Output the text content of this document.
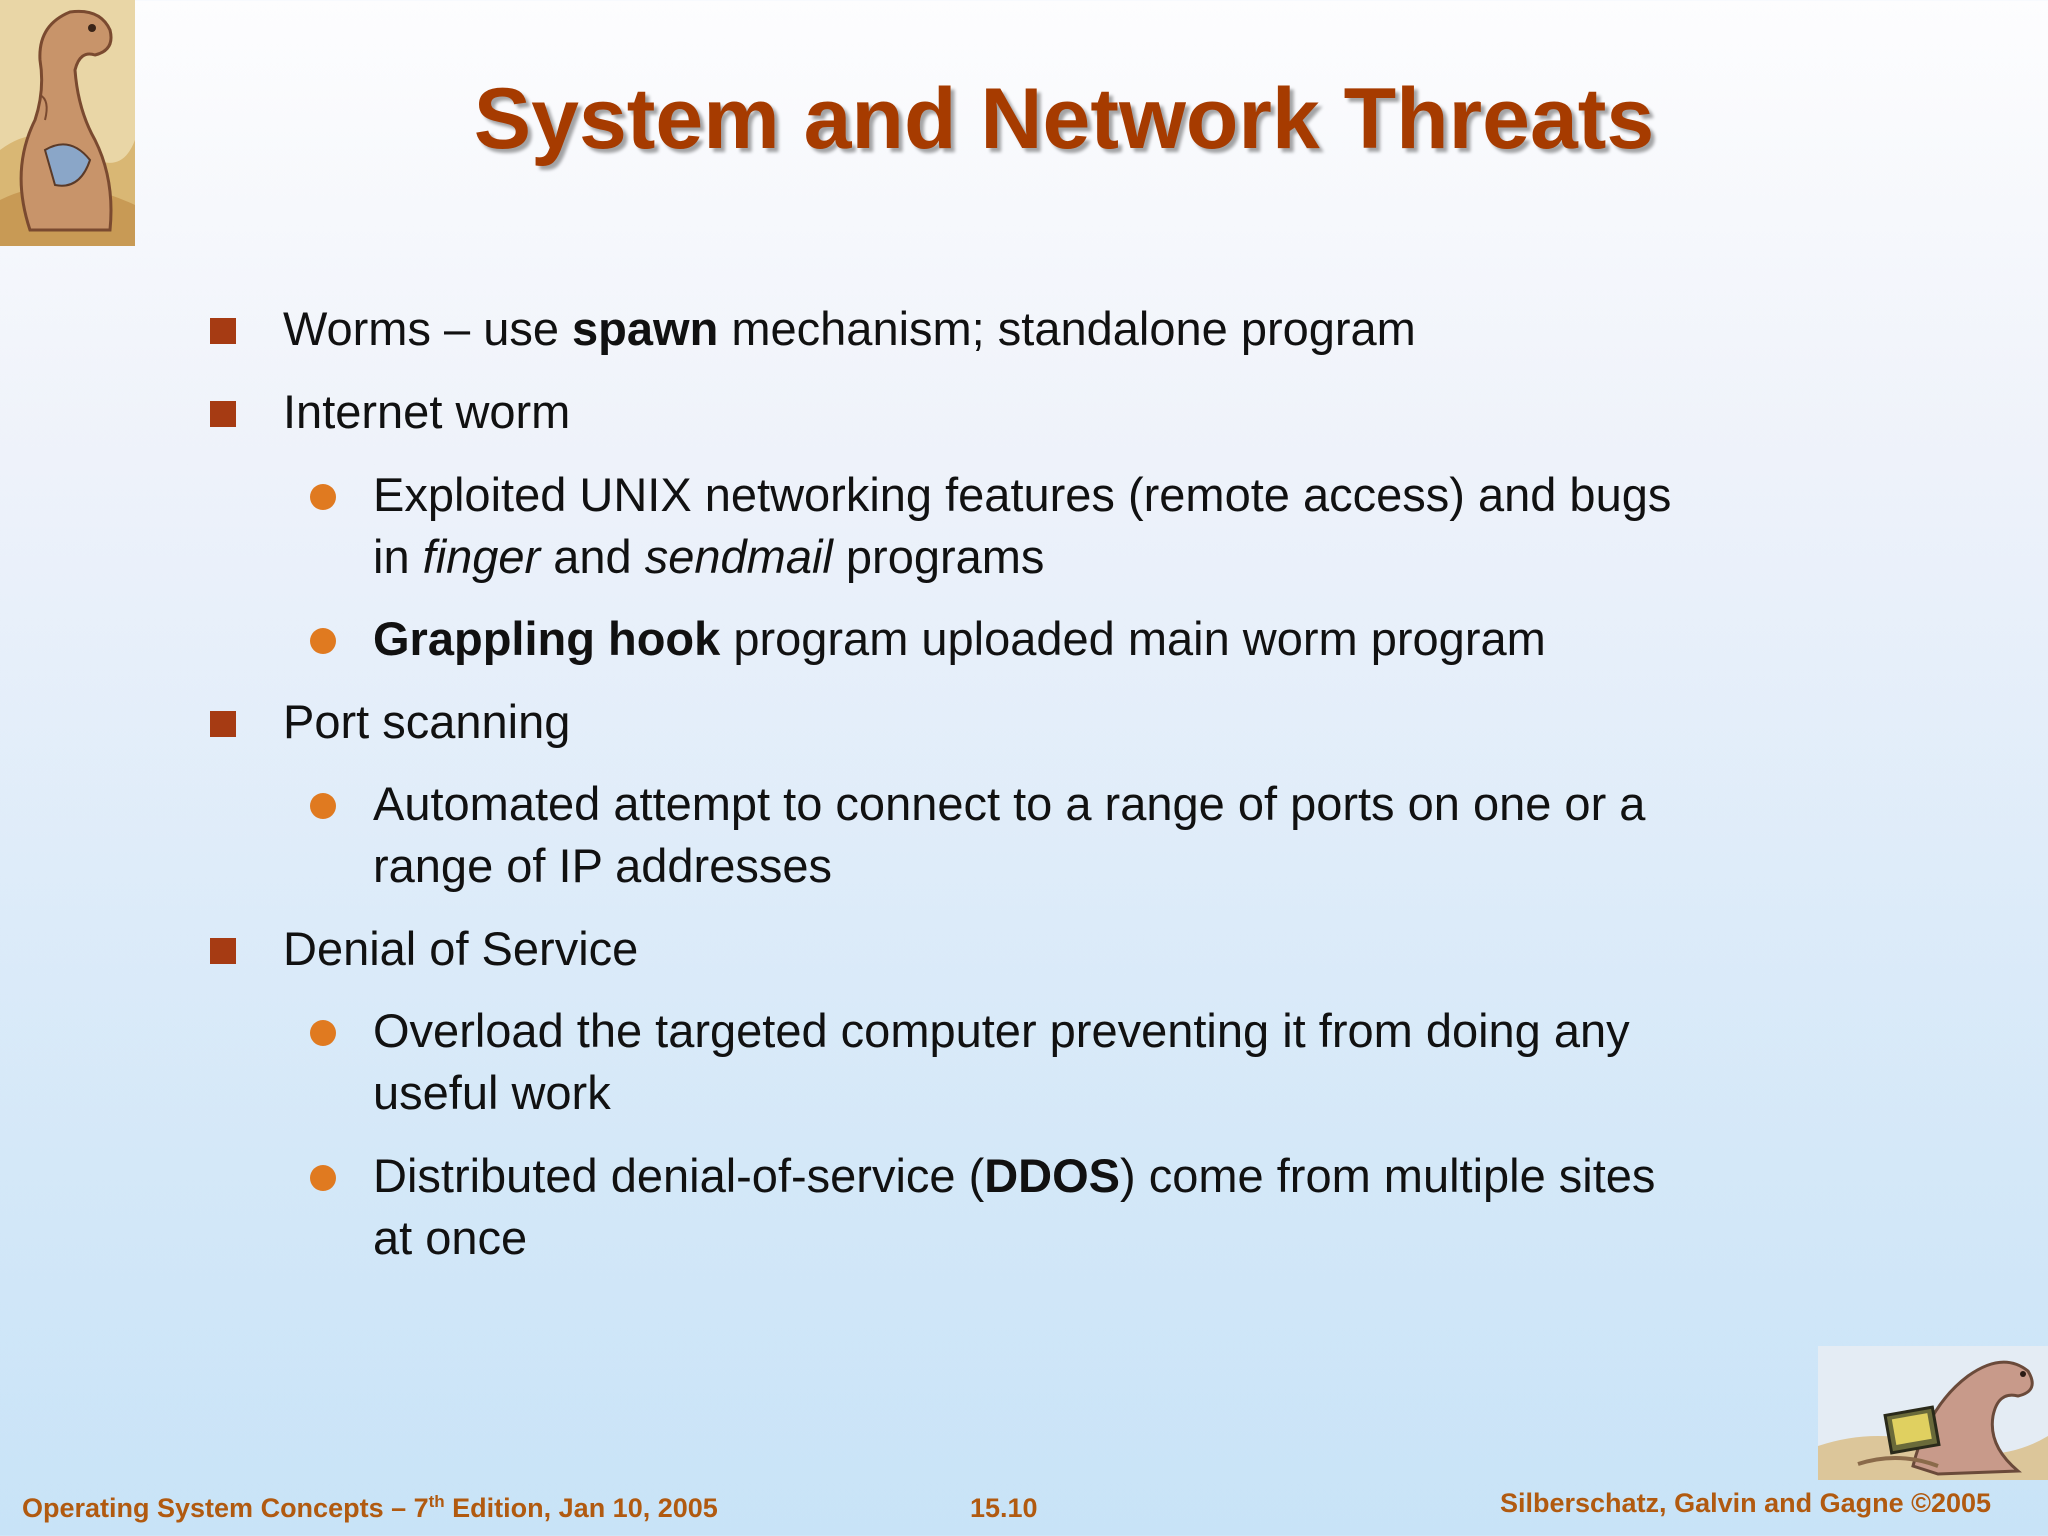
System and Network Threats
Worms – use spawn mechanism; standalone program
Internet worm
Exploited UNIX networking features (remote access) and bugs
in finger and sendmail programs
Grappling hook program uploaded main worm program
Port scanning
Automated attempt to connect to a range of ports on one or a
range of IP addresses
Denial of Service
Overload the targeted computer preventing it from doing any
useful work
Distributed denial-of-service (DDOS) come from multiple sites
at once
Operating System Concepts – 7th Edition, Jan 10, 2005	15.10	Silberschatz, Galvin and Gagne ©2005
